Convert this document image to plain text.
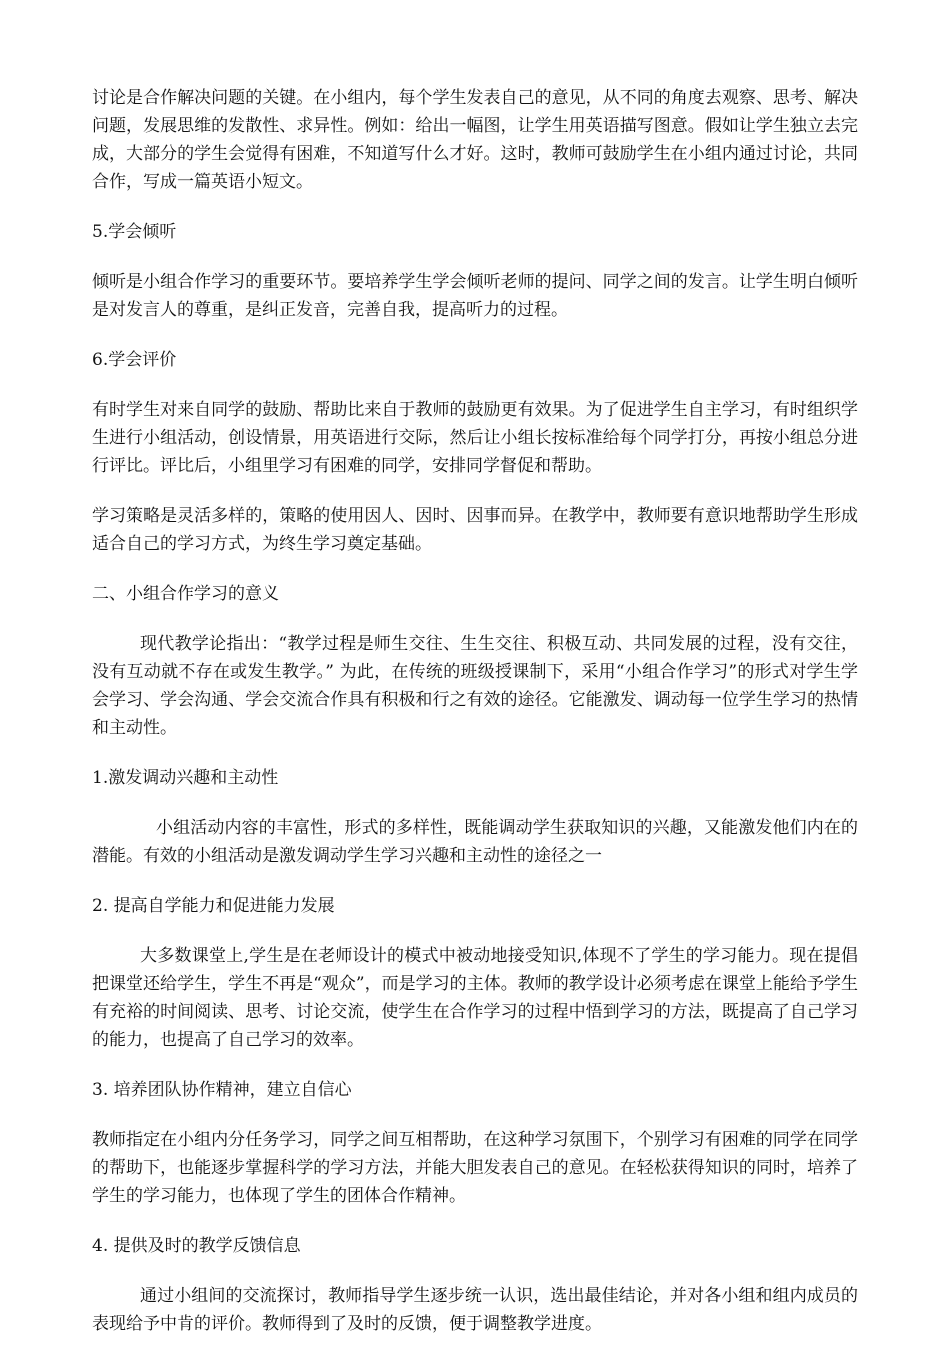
讨论是合作解决问题的关键。在小组内，每个学生发表自己的意见，从不同的角度去观察、思考、解决问题，发展思维的发散性、求异性。例如：给出一幅图，让学生用英语描写图意。假如让学生独立去完成，大部分的学生会觉得有困难，不知道写什么才好。这时，教师可鼓励学生在小组内通过讨论，共同合作，写成一篇英语小短文。

5.学会倾听

倾听是小组合作学习的重要环节。要培养学生学会倾听老师的提问、同学之间的发言。让学生明白倾听是对发言人的尊重，是纠正发音，完善自我，提高听力的过程。

6.学会评价

有时学生对来自同学的鼓励、帮助比来自于教师的鼓励更有效果。为了促进学生自主学习，有时组织学生进行小组活动，创设情景，用英语进行交际，然后让小组长按标准给每个同学打分，再按小组总分进行评比。评比后，小组里学习有困难的同学，安排同学督促和帮助。

学习策略是灵活多样的，策略的使用因人、因时、因事而异。在教学中，教师要有意识地帮助学生形成适合自己的学习方式，为终生学习奠定基础。

二、小组合作学习的意义

现代教学论指出：“教学过程是师生交往、生生交往、积极互动、共同发展的过程，没有交往，没有互动就不存在或发生教学。” 为此，在传统的班级授课制下，采用“小组合作学习”的形式对学生学会学习、学会沟通、学会交流合作具有积极和行之有效的途径。它能激发、调动每一位学生学习的热情和主动性。

1.激发调动兴趣和主动性

小组活动内容的丰富性，形式的多样性，既能调动学生获取知识的兴趣，又能激发他们内在的潜能。有效的小组活动是激发调动学生学习兴趣和主动性的途径之一

2. 提高自学能力和促进能力发展

大多数课堂上,学生是在老师设计的模式中被动地接受知识,体现不了学生的学习能力。现在提倡把课堂还给学生，学生不再是“观众”，而是学习的主体。教师的教学设计必须考虑在课堂上能给予学生有充裕的时间阅读、思考、讨论交流，使学生在合作学习的过程中悟到学习的方法，既提高了自己学习的能力，也提高了自己学习的效率。

3. 培养团队协作精神，建立自信心

教师指定在小组内分任务学习，同学之间互相帮助，在这种学习氛围下，个别学习有困难的同学在同学的帮助下，也能逐步掌握科学的学习方法，并能大胆发表自己的意见。在轻松获得知识的同时，培养了学生的学习能力，也体现了学生的团体合作精神。

4. 提供及时的教学反馈信息

通过小组间的交流探讨，教师指导学生逐步统一认识，选出最佳结论，并对各小组和组内成员的表现给予中肯的评价。教师得到了及时的反馈，便于调整教学进度。
